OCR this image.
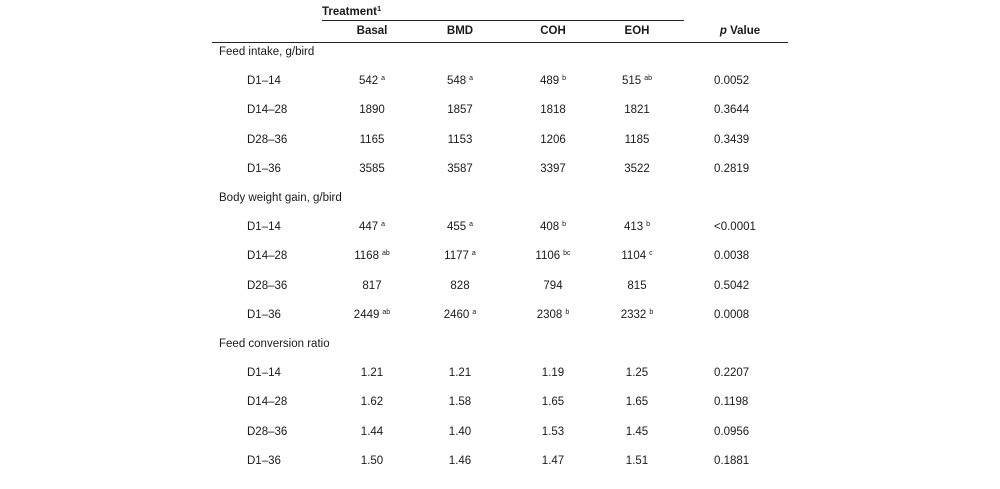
Treatment$^1$
Basal	BMD	COH	EOH	p Value
Feed intake, g/bird
D1–14	542 $^a$	548 $^a$	489 $^b$	515 $^{ab}$	0.0052
D14–28	1890	1857	1818	1821	0.3644
D28–36	1165	1153	1206	1185	0.3439
D1–36	3585	3587	3397	3522	0.2819
Body weight gain, g/bird
D1–14	447 $^a$	455 $^a$	408 $^b$	413 $^b$	<0.0001
D14–28	1168 $^{ab}$	1177 $^a$	1106 $^{bc}$	1104 $^c$	0.0038
D28–36	817	828	794	815	0.5042
D1–36	2449 $^{ab}$	2460 $^a$	2308 $^b$	2332 $^b$	0.0008
Feed conversion ratio
D1–14	1.21	1.21	1.19	1.25	0.2207
D14–28	1.62	1.58	1.65	1.65	0.1198
D28–36	1.44	1.40	1.53	1.45	0.0956
D1–36	1.50	1.46	1.47	1.51	0.1881
